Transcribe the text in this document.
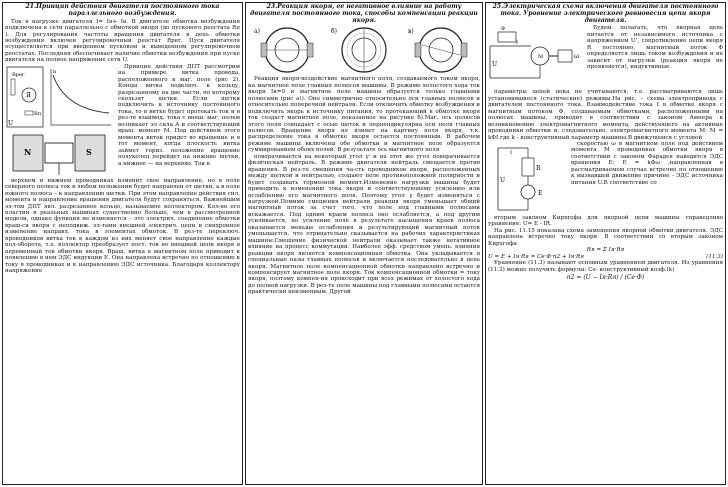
21.Принцип действия двигателя постоянного тока параллельного возбуждения.

Ток в нагрузке двигателя I= Iя+ Iв. В двигателе обмотка возбуждения подключена к сети параллельно с обмоткой якоря (до пускового реостата Rп ). Для регулирования частоты вращения двигателя в цепь обмотки возбуждения включен регулировочный реостат Rрег. Пуск двигателя осуществляется при введенном пусковом и выведенном регулировочном реостатах. Последняя обеспечивает наличие обмотки возбуждения при пуске двигателя на полное напряжение сети U.

Rрег
Я
Rп
U
n
N	S

Принцип действия ДПТ рассмотрим на примере витка провода, расположенного в маг. поле (рис 2). Концы витка подключ. к кольцу, разрезанному на две части, по которому скользят щетки. Если щетки подключить к источнику постоянного тока, то в витке будет протекать ток и в рез-те взаимод. тока с внеш. маг. полем возникает эл сила А и соответствующий вращ. момент М. Под действием этого момента виток придет во вращение и в тот момент, когда плоскость витка займет гориз. положение вращение полуколец перейдет на нижние щетки, а нижнее — на верхнюю. Ток в

верхнем и нижнем проводниках изменит свое направление, но в поле северного полюса ток в любом положении будет направлен от щетки, а в поле южного полюса – к направлению щетки. При этом направление действия сил, момента и направление вращения двигателя будут сохраняться. Важнейшим эл-том ДПТ явл. разрезанное кольцо, называемое коллектором. Кол-во его пластин в реальных машинах существенно больше, чем в рассмотренной модели, однако функция не изменяется – это электрич. соединение обмотки вращ-ся якоря с неподвиж. эл-тами внешней электрич. цепи и синхронное изменение направл. тока в элементах обмоток. В рез-те переключ. проводников витка ток в каждом из них меняет свое направление каждые пол-оборота, т.е. коллектор преобразует пост. ток во внешней цепи якоря в переменный ток обмотки якоря. Вращ. витка в магнитном поле приводит к появлению в нем ЭДС индукции Е. Она направлена встречно по отношению к току в проводниках и к направлению ЭДС источника. Благодаря коллектору напряжение

23.Реакция якоря, ее негативное влияние на работу двигателя постоянного тока, способы компенсации реакции якоря.
а)	б)	в)

Реакция якоря-воздействие магнитного поля, создаваемого током якоря, на магнитное поле главных полюсов машины. В режиме холостого хода ток якоря Iя=0 и магнитное поле машины образуется только главными полюсами (рис а)). Оно симметрично относительно оси главных полюсов и относительно поперечной нейтрали. Если отключить обмотку возбуждения и подключить якорь к источнику питания, то протекающий в обмотке якоря ток создаст магнитное поле, показанное на рисунке б).Маг. ось полюсов этого поля совпадает с осью щеток и перпендикулярна оси поля главных полюсов. Вращение якоря не влияет на картину поля якоря, т.к. распределение тока в обмотке якоря остается постоянным. В рабочем режиме машины включены обе обмотки и магнитное поле образуется суммированием обоих полей. В результате ось магнитного поля

поворачивается на некоторый угол γ' и на этот же угол поворачивается физическая нейтраль. В режиме двигателя нейтраль смещается против вращения. В рез-те смещения ча-сть проводников якоря, расположенных между щеткой и нейтралью, создают поле противоположной полярности и будет создавать тормозной момент.Изменение нагрузки машины будет приводить к изменению тока якоря и соответствующему усилению или ослаблению его магнитного поля. Поэтому угол γ будет изменяться с нагрузкой.Помимо смещения нейтрали реакция якоря уменьшает общий магнитный поток за счет того, что поле под главными полюсами искажается. Под одним краем полюса оно ослабляется, а под другим усиливается, но усиление поле в результате насыщения краев полюса оказывается меньше ослабления и результирующий магнитный поток уменьшается, что отрицательно сказывается на рабочих характеристиках машины.Смещение физической нейтрали оказывает также негативное влияние на процесс коммутации. Наиболее эфф. средством умень. влияния реакции якоря является компенсационная обмотка. Она укладывается в специальные пазы главных полюсов и включается последовательно в цепь якоря. Магнитное поле компенсационной обмотки направлено встречно и компенсирует магнитное поле якоря. Ток компенсационной обмотки = току якоря, поэтому компен-ия происходит при всех режимах от холостого хода до полной нагрузки. В рез-те поле машины под главными полюсами остается практически неизменным. Другой

25.Электрическая схема включения двигателя постоянного тока. Уравнение электрического равновесия цепи якоря двигателя.
Ф
M
U
I
ω

Будем полагать, что якорная цепь питается от независимого источника с напряжением U’, сопротивление цепи якоря R постоянно, магнитный поток Ф определяется лишь током возбуждения и не зависит от нагрузки (реакция якоря не проявляется), индуктивные

параметры цепей пока не учитываются, т.е. рассматриваются лишь установившиеся (статические) режимы.На рис. – схема электропривода с двигателем постоянного тока. Взаимодействие тока I в обмотке якоря с магнитным потоком Ф, создаваемым обмотками, расположенными на полюсах машины, приводит в соответствии с законом Ампера к возникновению электромагнитного момента, действующего на активные проводники обмотки и, следовательно, электромагнитного момента М: M = kФI где k - конструктивный параметр машины.В движущемся с угловой

R
E
U
I

скоростью ω в магнитном поле под действием момента М проводниках обмотки якоря в соответствии с законом Фарадея наводится ЭДС вращения Е: Е = kФω ,направленная в рассматриваемом случае встречно по отношению к вызвавшей движение причине - ЭДС источника питания U.В соответствие со

вторым законом Кирхгофа для якорной цепи машины справедливо уравнение: U= Е - IR.

На рис. 11.15 показана схема замещения якорной обмотки двигателя. ЭДС направлена встречно току якоря. В соответствии со вторым законом Кирхгофа

Rя = Σ Iя·Rя
U = E + Iя·Rя = Cе·Ф·n2 + Iя·Rя	(11.3)

Уравнение (11.3) называют основным уравнением двигателя. Из уравнения (11.3) можно получить формулы: Се- конструктивный коэф.(k)

n2 = (U − Iя·Rя) / (Cе·Ф)
